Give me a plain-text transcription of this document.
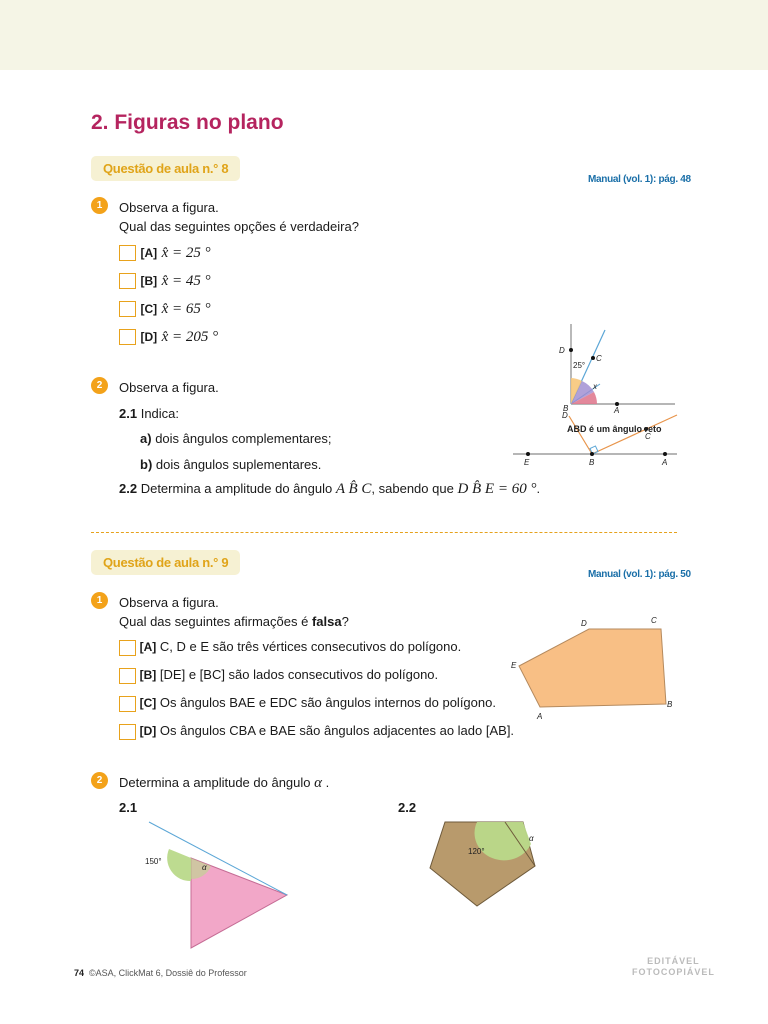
2. Figuras no plano
Questão de aula n.° 8
Manual (vol. 1): pág. 48
1	Observa a figura.
Qual das seguintes opções é verdadeira?
[A] x̂ = 25 °
[B] x̂ = 45 °
[C] x̂ = 65 °
[D] x̂ = 205 °
2	Observa a figura.
2.1 Indica:
a) dois ângulos complementares;
b) dois ângulos suplementares.
2.2 Determina a amplitude do ângulo A B̂ C, sabendo que D B̂ E = 60 °.
D
C
25°
x
B	A
D
ABD é um ângulo reto
C
E	B	A
Questão de aula n.° 9
Manual (vol. 1): pág. 50
1	Observa a figura.
Qual das seguintes afirmações é falsa?
[A] C, D e E são três vértices consecutivos do polígono.
[B] [DE] e [BC] são lados consecutivos do polígono.
[C] Os ângulos BAE e EDC são ângulos internos do polígono.
[D] Os ângulos CBA e BAE são ângulos adjacentes ao lado [AB].
D	C
E
B
A
2	Determina a amplitude do ângulo α .
2.1	2.2
150°
α
120°
α
74 ©ASA, ClickMat 6, Dossiê do Professor
EDITÁVEL
FOTOCOPIÁVEL
